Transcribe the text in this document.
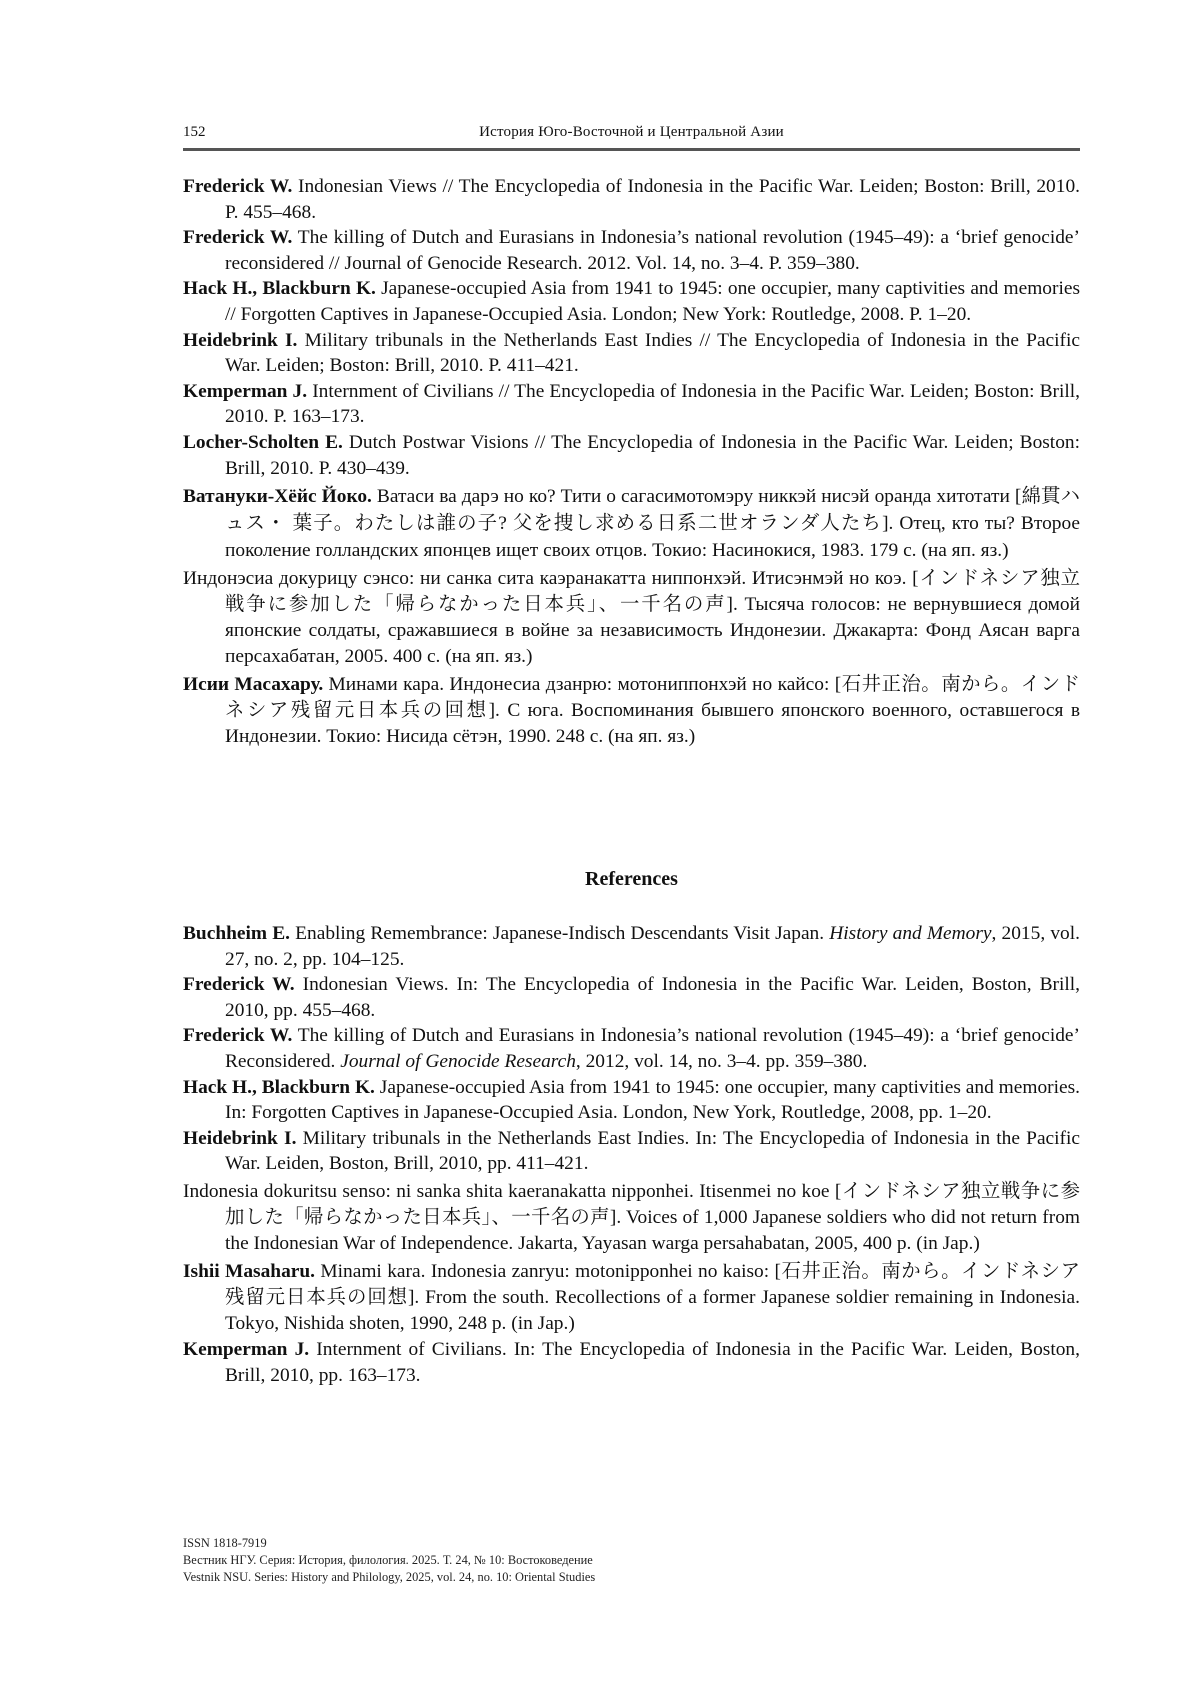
152	История Юго-Восточной и Центральной Азии

Frederick W. Indonesian Views // The Encyclopedia of Indonesia in the Pacific War. Leiden; Boston: Brill, 2010. P. 455–468.

Frederick W. The killing of Dutch and Eurasians in Indonesia’s national revolution (1945–49): a ‘brief genocide’ reconsidered // Journal of Genocide Research. 2012. Vol. 14, no. 3–4. P. 359–380.

Hack H., Blackburn K. Japanese-occupied Asia from 1941 to 1945: one occupier, many captivities and memories // Forgotten Captives in Japanese-Occupied Asia. London; New York: Routledge, 2008. P. 1–20.

Heidebrink I. Military tribunals in the Netherlands East Indies // The Encyclopedia of Indonesia in the Pacific War. Leiden; Boston: Brill, 2010. P. 411–421.

Kemperman J. Internment of Civilians // The Encyclopedia of Indonesia in the Pacific War. Leiden; Boston: Brill, 2010. P. 163–173.

Locher-Scholten E. Dutch Postwar Visions // The Encyclopedia of Indonesia in the Pacific War. Leiden; Boston: Brill, 2010. P. 430–439.

Ватануки-Хёйс Йоко. Ватаси ва дарэ но ко? Тити о сагасимотомэру никкэй нисэй оранда хитотати [綿貫ハュス・ 葉子。わたしは誰の子? 父を捜し求める日系二世オランダ人たち]. Отец, кто ты? Второе поколение голландских японцев ищет своих отцов. Токио: Насинокися, 1983. 179 с. (на яп. яз.)

Индонэсиа докурицу сэнсо: ни санка сита каэранакатта ниппонхэй. Итисэнмэй но коэ. [インドネシア独立戦争に参加した「帰らなかった日本兵」、一千名の声]. Тысяча голосов: не вернувшиеся домой японские солдаты, сражавшиеся в войне за независимость Индонезии. Джакарта: Фонд Аясан варга персахабатан, 2005. 400 с. (на яп. яз.)

Исии Масахару. Минами кара. Индонесиа дзанрю: мотониппонхэй но кайсо: [石井正治。南から。インドネシア残留元日本兵の回想]. С юга. Воспоминания бывшего японского военного, оставшегося в Индонезии. Токио: Нисида сётэн, 1990. 248 с. (на яп. яз.)

References

Buchheim E. Enabling Remembrance: Japanese-Indisch Descendants Visit Japan. History and Memory, 2015, vol. 27, no. 2, pp. 104–125.

Frederick W. Indonesian Views. In: The Encyclopedia of Indonesia in the Pacific War. Leiden, Boston, Brill, 2010, pp. 455–468.

Frederick W. The killing of Dutch and Eurasians in Indonesia’s national revolution (1945–49): a ‘brief genocide’ Reconsidered. Journal of Genocide Research, 2012, vol. 14, no. 3–4. pp. 359–380.

Hack H., Blackburn K. Japanese-occupied Asia from 1941 to 1945: one occupier, many captivities and memories. In: Forgotten Captives in Japanese-Occupied Asia. London, New York, Routledge, 2008, pp. 1–20.

Heidebrink I. Military tribunals in the Netherlands East Indies. In: The Encyclopedia of Indonesia in the Pacific War. Leiden, Boston, Brill, 2010, pp. 411–421.

Indonesia dokuritsu senso: ni sanka shita kaeranakatta nipponhei. Itisenmei no koe [インドネシア独立戦争に参加した「帰らなかった日本兵」、一千名の声]. Voices of 1,000 Japanese soldiers who did not return from the Indonesian War of Independence. Jakarta, Yayasan warga persahabatan, 2005, 400 p. (in Jap.)

Ishii Masaharu. Minami kara. Indonesia zanryu: motonipponhei no kaiso: [石井正治。南から。インドネシア残留元日本兵の回想]. From the south. Recollections of a former Japanese soldier remaining in Indonesia. Tokyo, Nishida shoten, 1990, 248 p. (in Jap.)

Kemperman J. Internment of Civilians. In: The Encyclopedia of Indonesia in the Pacific War. Leiden, Boston, Brill, 2010, pp. 163–173.

ISSN 1818-7919
Вестник НГУ. Серия: История, филология. 2025. Т. 24, № 10: Востоковедение
Vestnik NSU. Series: History and Philology, 2025, vol. 24, no. 10: Oriental Studies
